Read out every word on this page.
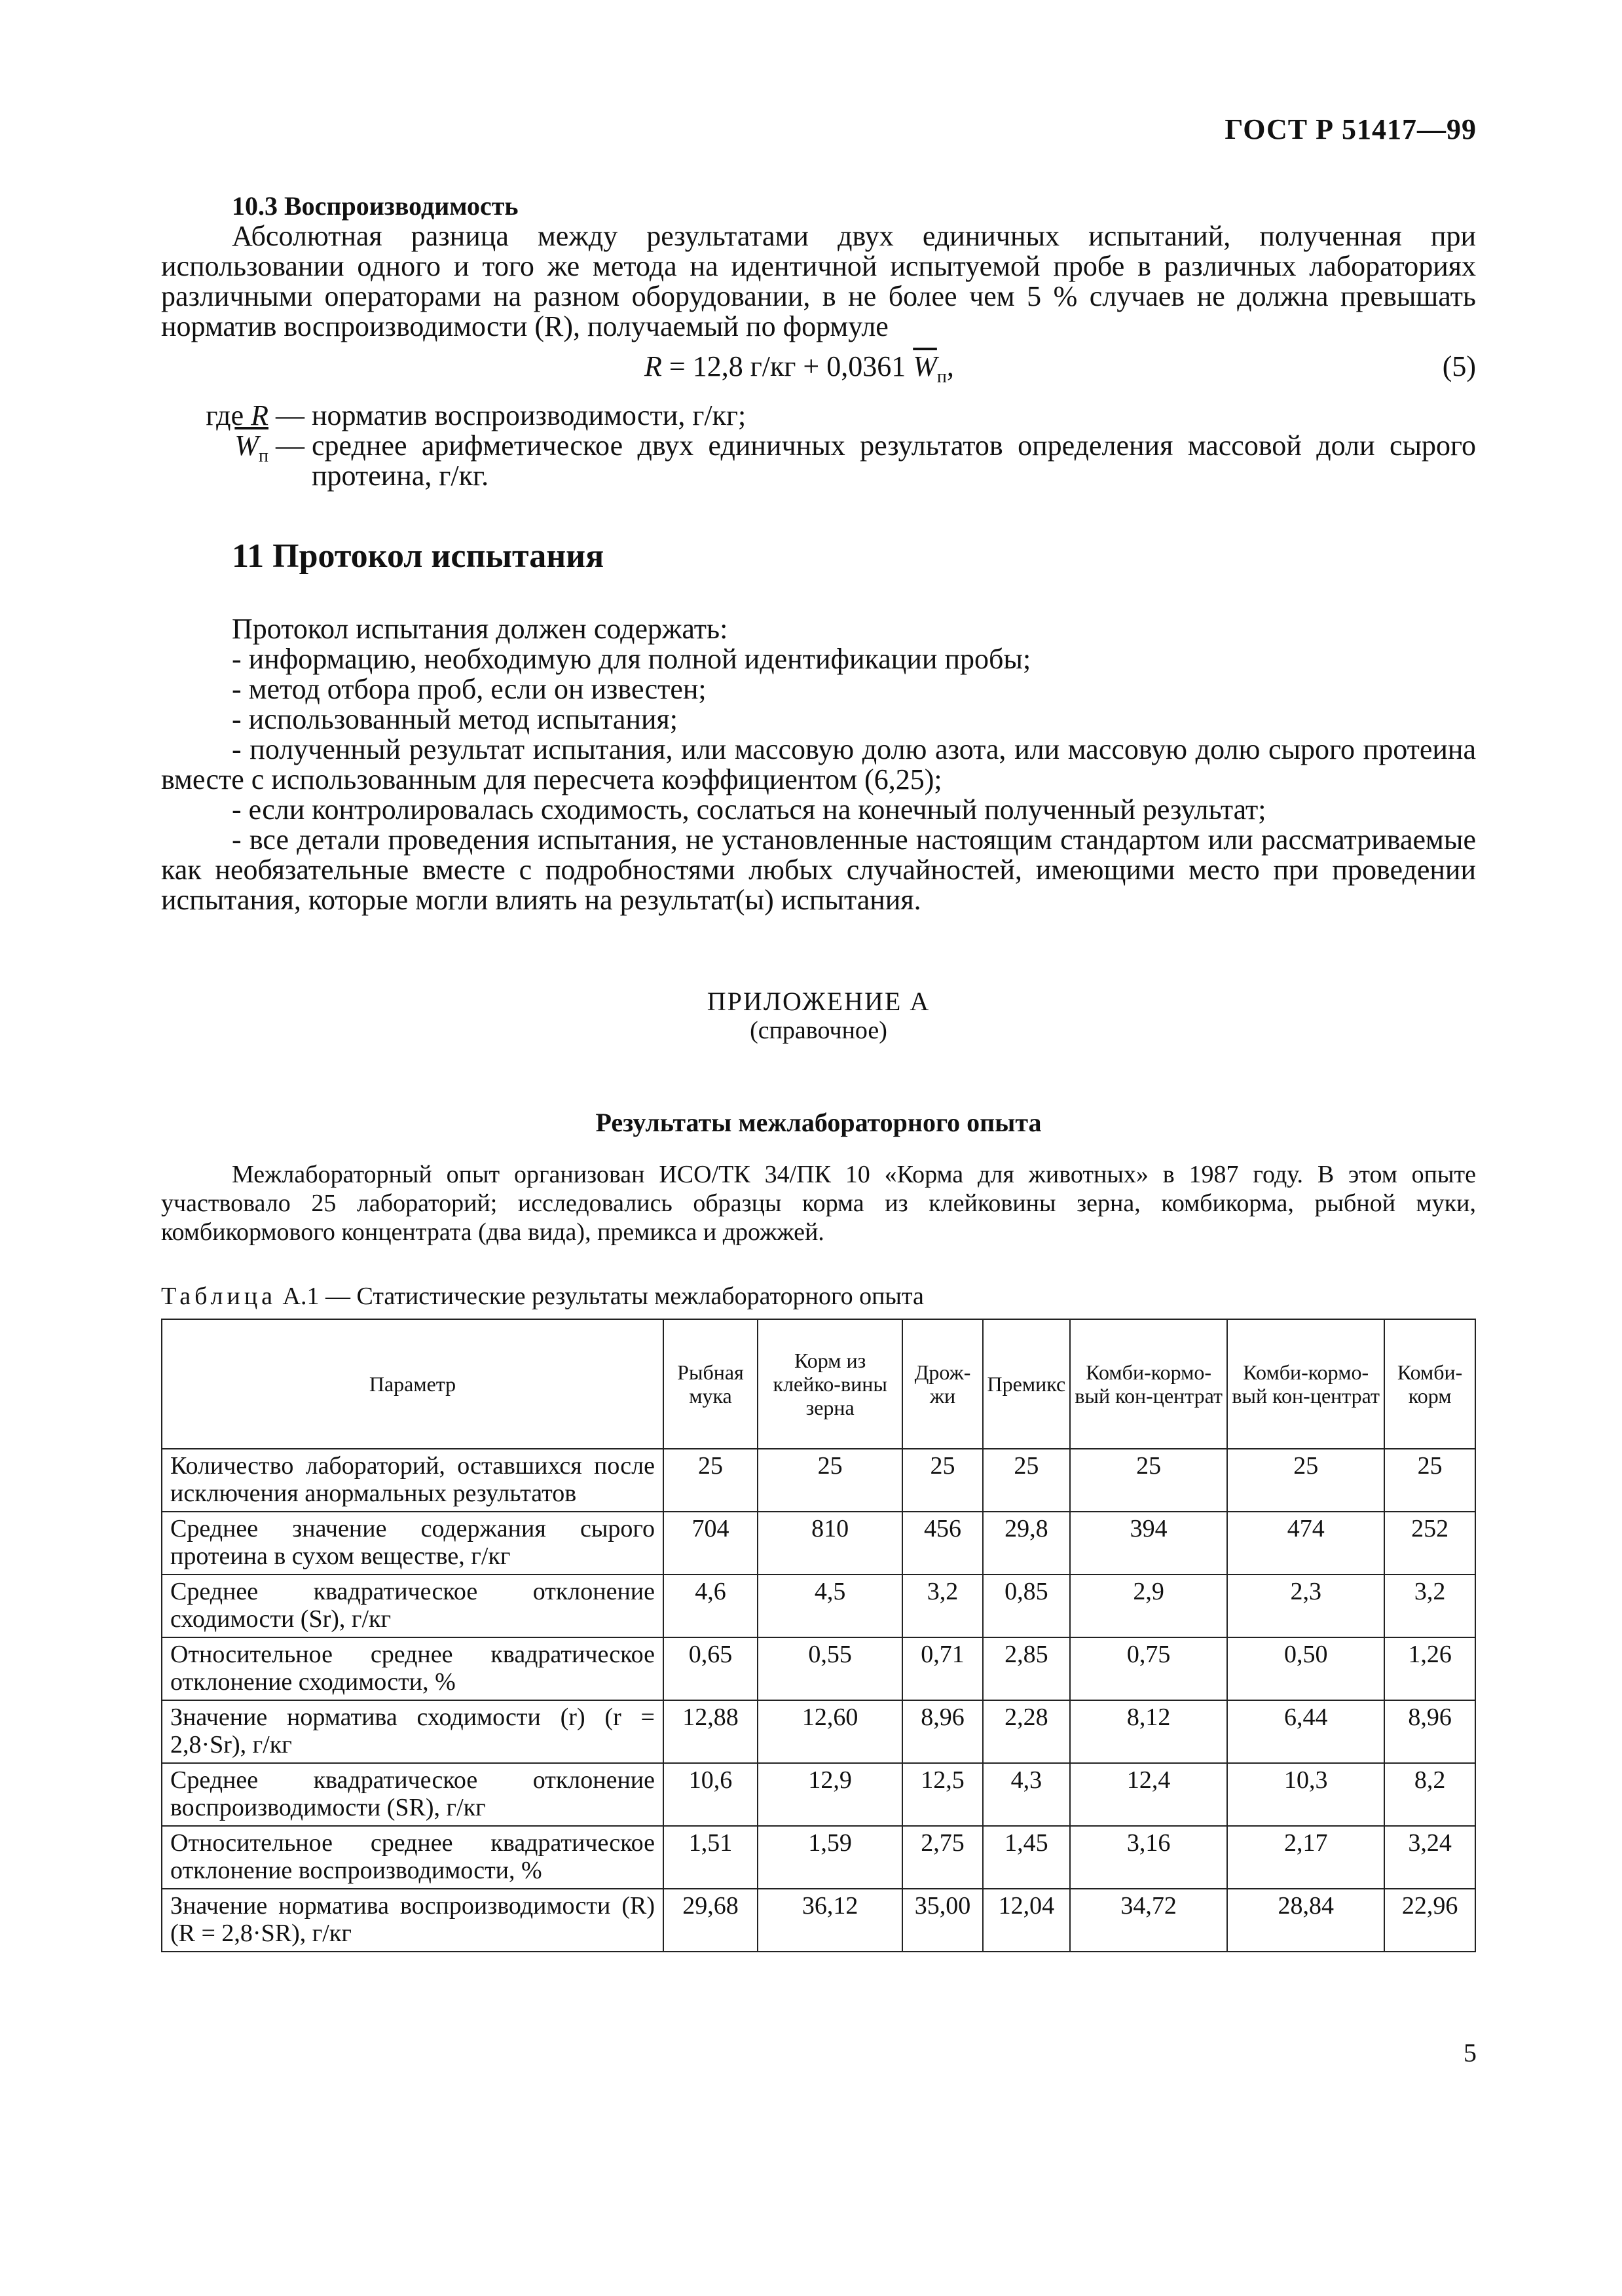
ГОСТ Р 51417—99
10.3 Воспроизводимость

Абсолютная разница между результатами двух единичных испытаний, полученная при использовании одного и того же метода на идентичной испытуемой пробе в различных лабораториях различными операторами на разном оборудовании, в не более чем 5 % случаев не должна превышать норматив воспроизводимости (R), получаемый по формуле

R = 12,8 г/кг + 0,0361 $\overline{W}_п$,	(5)
где R — норматив воспроизводимости, г/кг;
$\overline{W}_п$ — среднее арифметическое двух единичных результатов определения массовой доли сырого протеина, г/кг.
11 Протокол испытания
Протокол испытания должен содержать:

- информацию, необходимую для полной идентификации пробы;

- метод отбора проб, если он известен;

- использованный метод испытания;

- полученный результат испытания, или массовую долю азота, или массовую долю сырого протеина вместе с использованным для пересчета коэффициентом (6,25);

- если контролировалась сходимость, сослаться на конечный полученный результат;

- все детали проведения испытания, не установленные настоящим стандартом или рассматриваемые как необязательные вместе с подробностями любых случайностей, имеющими место при проведении испытания, которые могли влиять на результат(ы) испытания.

ПРИЛОЖЕНИЕ А
(справочное)
Результаты межлабораторного опыта

Межлабораторный опыт организован ИСО/ТК 34/ПК 10 «Корма для животных» в 1987 году. В этом опыте участвовало 25 лабораторий; исследовались образцы корма из клейковины зерна, комбикорма, рыбной муки, комбикормового концентрата (два вида), премикса и дрожжей.

Таблица А.1 — Статистические результаты межлабораторного опыта
Параметр	Рыбная мука	Корм из клейко-вины зерна	Дрож-жи	Премикс	Комби-кормо-вый кон-центрат	Комби-кормо-вый кон-центрат	Комби-корм
Количество лабораторий, оставшихся после исключения анормальных результатов	25	25	25	25	25	25	25
Среднее значение содержания сырого протеина в сухом веществе, г/кг	704	810	456	29,8	394	474	252
Среднее квадратическое отклонение сходимости (Sr), г/кг	4,6	4,5	3,2	0,85	2,9	2,3	3,2
Относительное среднее квадратическое отклонение сходимости, %	0,65	0,55	0,71	2,85	0,75	0,50	1,26
Значение норматива сходимости (r) (r = 2,8·Sr), г/кг	12,88	12,60	8,96	2,28	8,12	6,44	8,96
Среднее квадратическое отклонение воспроизводимости (SR), г/кг	10,6	12,9	12,5	4,3	12,4	10,3	8,2
Относительное среднее квадратическое отклонение воспроизводимости, %	1,51	1,59	2,75	1,45	3,16	2,17	3,24
Значение норматива воспроизводимости (R) (R = 2,8·SR), г/кг	29,68	36,12	35,00	12,04	34,72	28,84	22,96
5
